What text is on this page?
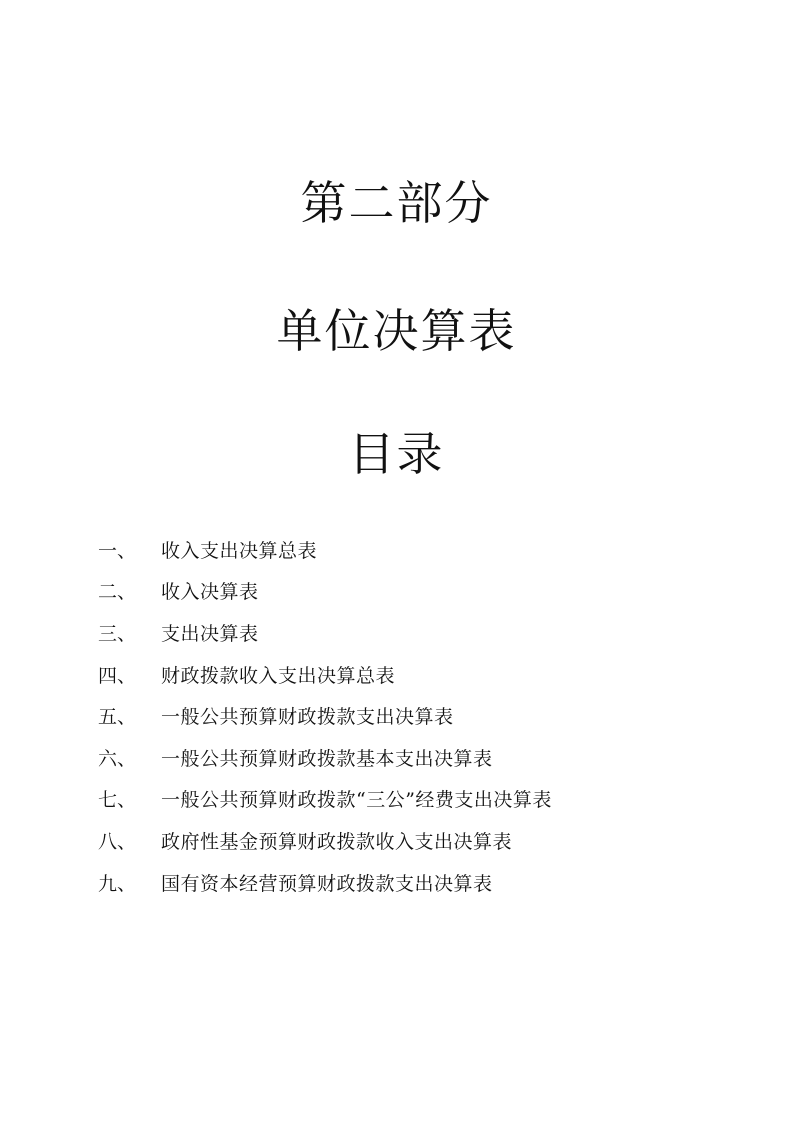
第二部分
单位决算表
目录
一、	收入支出决算总表
二、	收入决算表
三、	支出决算表
四、	财政拨款收入支出决算总表
五、	一般公共预算财政拨款支出决算表
六、	一般公共预算财政拨款基本支出决算表
七、	一般公共预算财政拨款“三公”经费支出决算表
八、	政府性基金预算财政拨款收入支出决算表
九、	国有资本经营预算财政拨款支出决算表
